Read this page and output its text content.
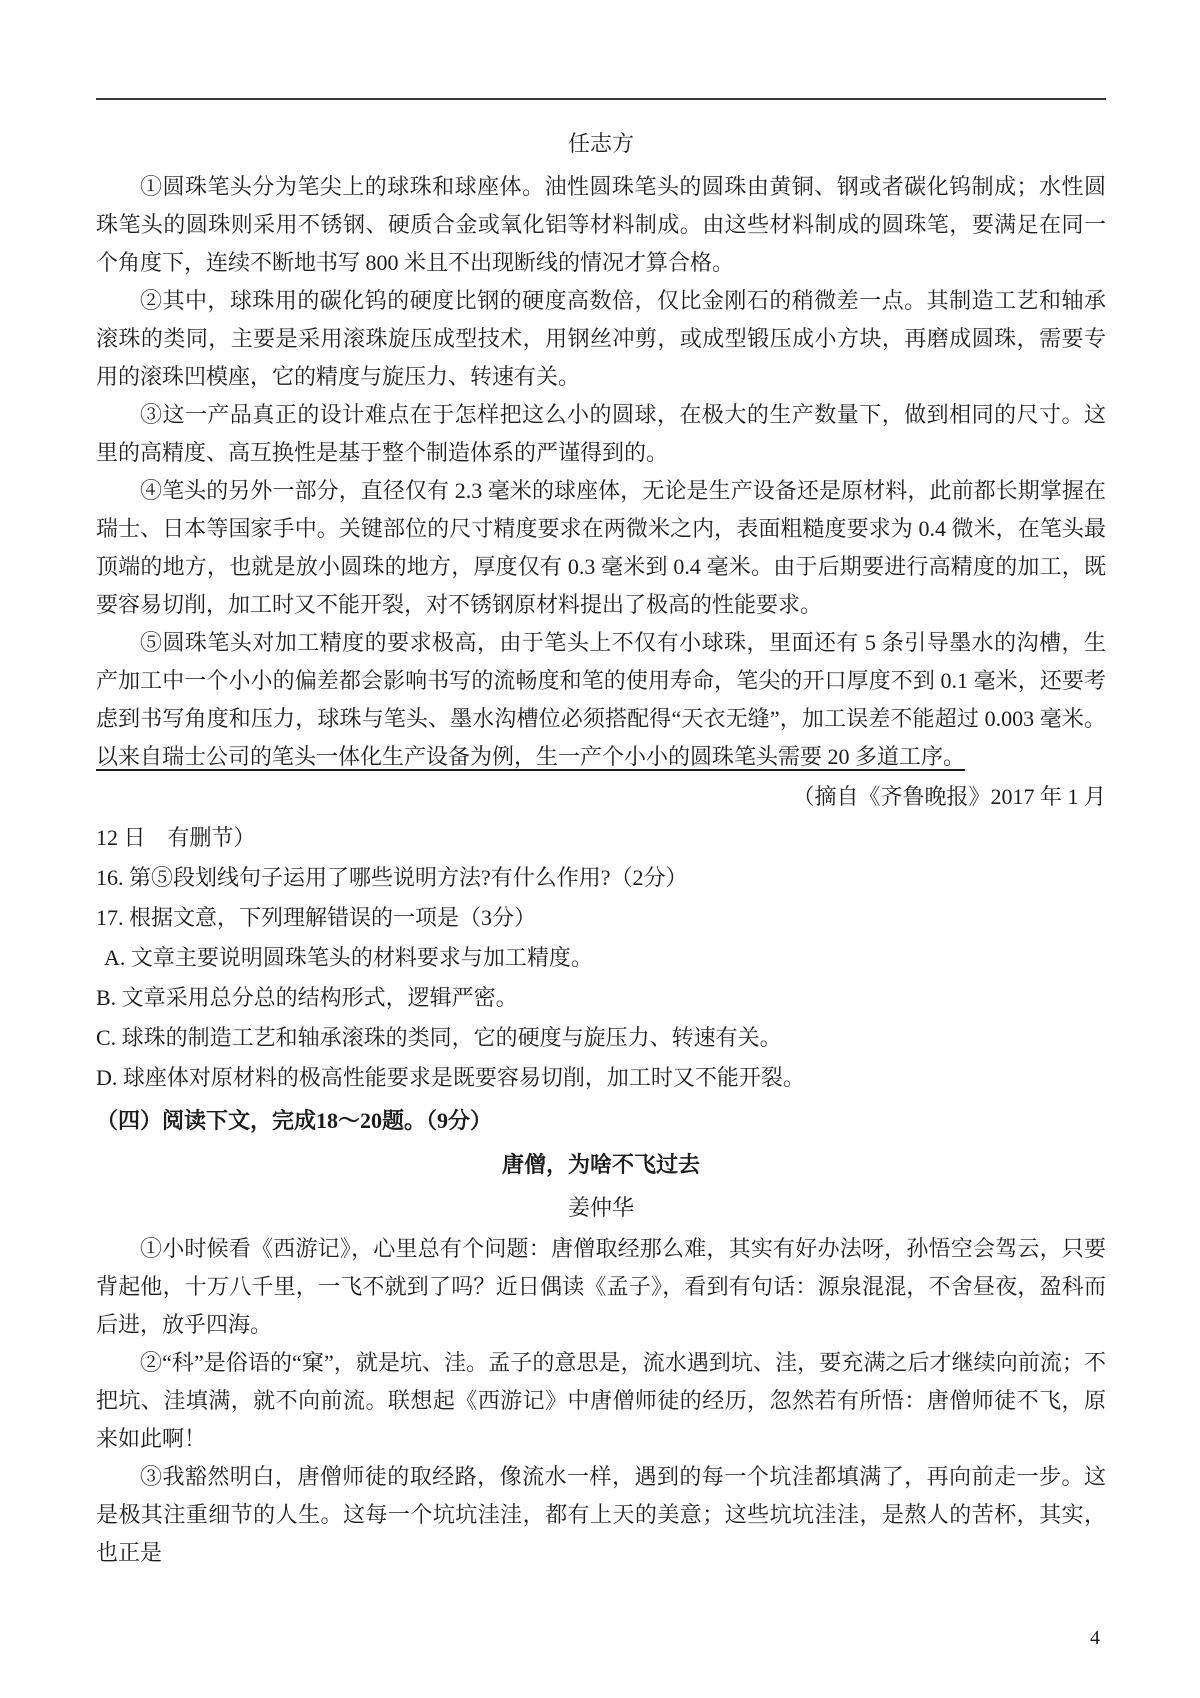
任志方

①圆珠笔头分为笔尖上的球珠和球座体。油性圆珠笔头的圆珠由黄铜、钢或者碳化钨制成；水性圆珠笔头的圆珠则采用不锈钢、硬质合金或氧化铝等材料制成。由这些材料制成的圆珠笔，要满足在同一个角度下，连续不断地书写 800 米且不出现断线的情况才算合格。

②其中，球珠用的碳化钨的硬度比钢的硬度高数倍，仅比金刚石的稍微差一点。其制造工艺和轴承滚珠的类同，主要是采用滚珠旋压成型技术，用钢丝冲剪，或成型锻压成小方块，再磨成圆珠，需要专用的滚珠凹模座，它的精度与旋压力、转速有关。

③这一产品真正的设计难点在于怎样把这么小的圆球，在极大的生产数量下，做到相同的尺寸。这里的高精度、高互换性是基于整个制造体系的严谨得到的。

④笔头的另外一部分，直径仅有 2.3 毫米的球座体，无论是生产设备还是原材料，此前都长期掌握在瑞士、日本等国家手中。关键部位的尺寸精度要求在两微米之内，表面粗糙度要求为 0.4 微米，在笔头最顶端的地方，也就是放小圆珠的地方，厚度仅有 0.3 毫米到 0.4 毫米。由于后期要进行高精度的加工，既要容易切削，加工时又不能开裂，对不锈钢原材料提出了极高的性能要求。

⑤圆珠笔头对加工精度的要求极高，由于笔头上不仅有小球珠，里面还有 5 条引导墨水的沟槽，生产加工中一个小小的偏差都会影响书写的流畅度和笔的使用寿命，笔尖的开口厚度不到 0.1 毫米，还要考虑到书写角度和压力，球珠与笔头、墨水沟槽位必须搭配得“天衣无缝”，加工误差不能超过 0.003 毫米。以来自瑞士公司的笔头一体化生产设备为例，生一产个小小的圆珠笔头需要 20 多道工序。

（摘自《齐鲁晚报》2017 年 1 月

12 日　有删节）

16. 第⑤段划线句子运用了哪些说明方法?有什么作用?（2分）

17. 根据文意，下列理解错误的一项是（3分）

A. 文章主要说明圆珠笔头的材料要求与加工精度。

B. 文章采用总分总的结构形式，逻辑严密。

C. 球珠的制造工艺和轴承滚珠的类同，它的硬度与旋压力、转速有关。

D. 球座体对原材料的极高性能要求是既要容易切削，加工时又不能开裂。

（四）阅读下文，完成18～20题。（9分）

唐僧，为啥不飞过去

姜仲华

①小时候看《西游记》，心里总有个问题：唐僧取经那么难，其实有好办法呀，孙悟空会驾云，只要背起他，十万八千里，一飞不就到了吗？近日偶读《孟子》，看到有句话：源泉混混，不舍昼夜，盈科而后进，放乎四海。

②“科”是俗语的“窠”，就是坑、洼。孟子的意思是，流水遇到坑、洼，要充满之后才继续向前流；不把坑、洼填满，就不向前流。联想起《西游记》中唐僧师徒的经历，忽然若有所悟：唐僧师徒不飞，原来如此啊！

③我豁然明白，唐僧师徒的取经路，像流水一样，遇到的每一个坑洼都填满了，再向前走一步。这是极其注重细节的人生。这每一个坑坑洼洼，都有上天的美意；这些坑坑洼洼，是熬人的苦杯，其实，也正是

4
